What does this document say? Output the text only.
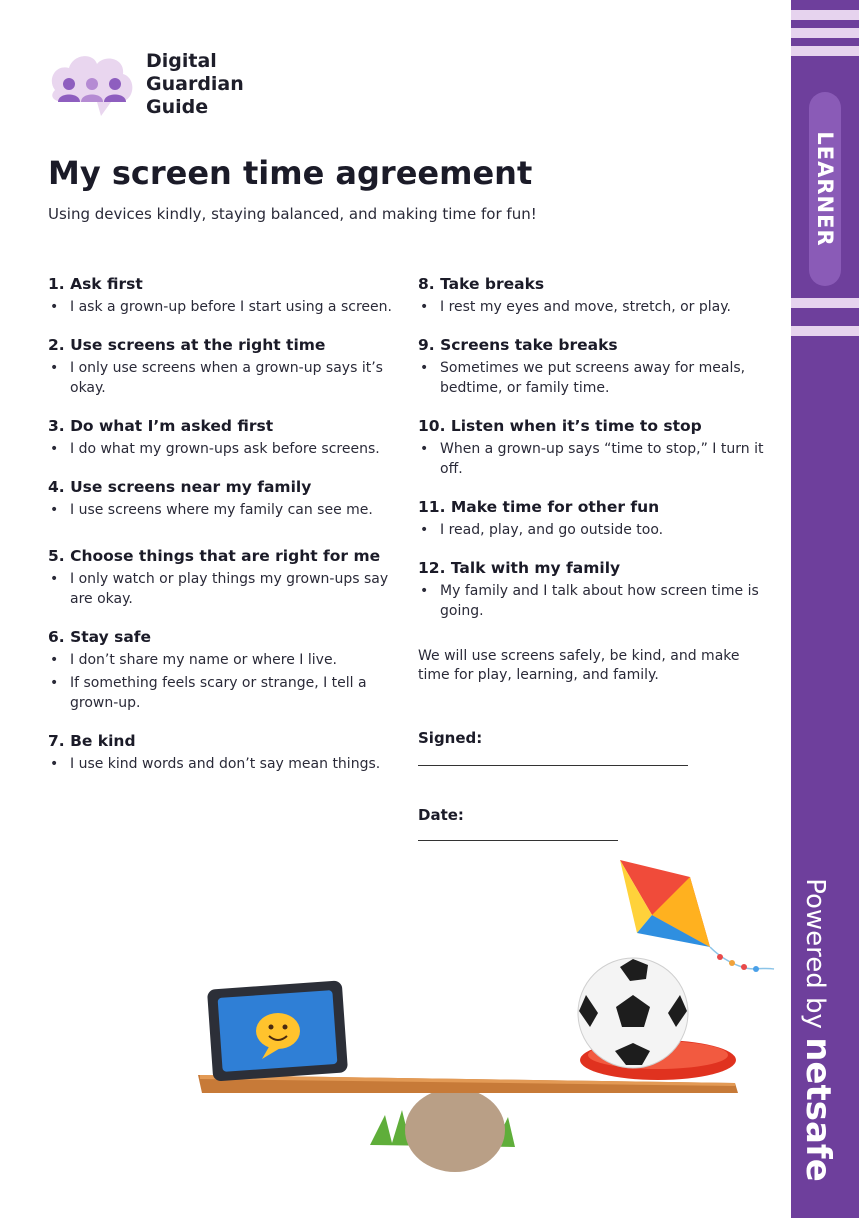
LEARNER
Powered by netsafe
Digital
Guardian
Guide
My screen time agreement
Using devices kindly, staying balanced, and making time for fun!
1. Ask first
• I ask a grown-up before I start using a screen.
2. Use screens at the right time
• I only use screens when a grown-up says it’s okay.
3. Do what I’m asked first
• I do what my grown-ups ask before screens.
4. Use screens near my family
• I use screens where my family can see me.
5. Choose things that are right for me
• I only watch or play things my grown-ups say are okay.
6. Stay safe
• I don’t share my name or where I live.
• If something feels scary or strange, I tell a grown-up.
7. Be kind
• I use kind words and don’t say mean things.
8. Take breaks
• I rest my eyes and move, stretch, or play.
9. Screens take breaks
• Sometimes we put screens away for meals, bedtime, or family time.
10. Listen when it’s time to stop
• When a grown-up says “time to stop,” I turn it off.
11. Make time for other fun
• I read, play, and go outside too.
12. Talk with my family
• My family and I talk about how screen time is going.

We will use screens safely, be kind, and make time for play, learning, and family.

Signed:
Date:
